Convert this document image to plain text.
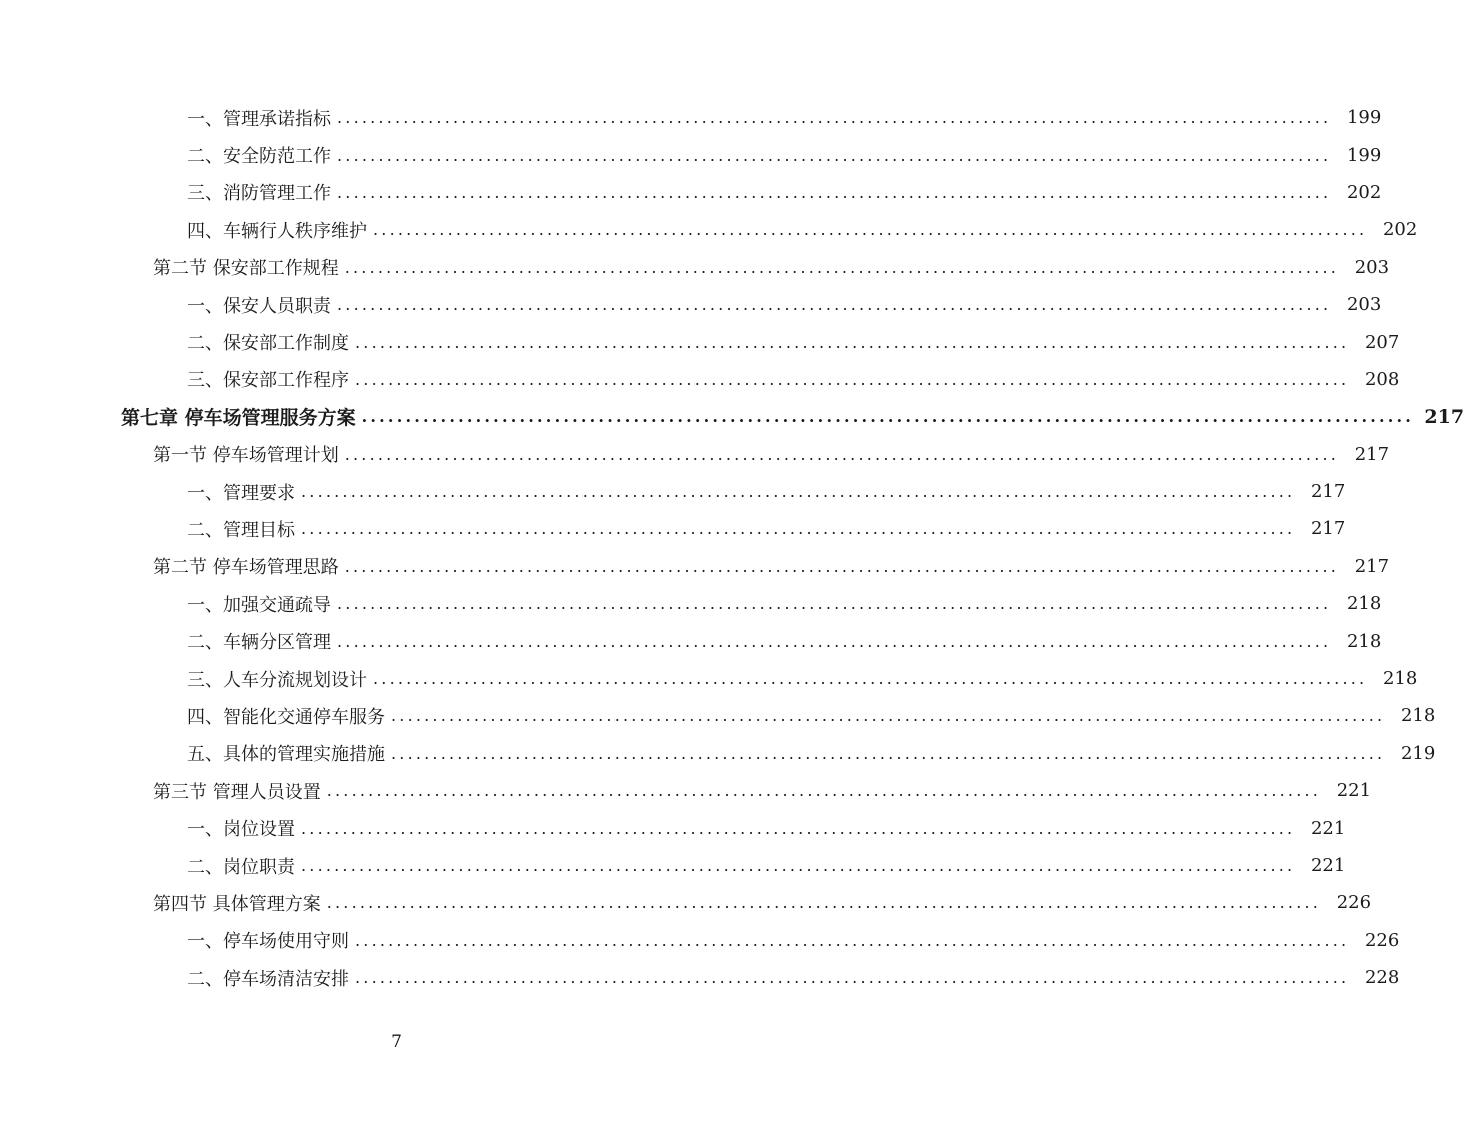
一、管理承诺指标 ........................................................................................................................ 199
二、安全防范工作 ........................................................................................................................ 199
三、消防管理工作 ........................................................................................................................ 202
四、车辆行人秩序维护 ........................................................................................................................ 202
第二节 保安部工作规程 ........................................................................................................................ 203
一、保安人员职责 ........................................................................................................................ 203
二、保安部工作制度 ........................................................................................................................ 207
三、保安部工作程序 ........................................................................................................................ 208
第七章 停车场管理服务方案 ........................................................................................................................ 217
第一节 停车场管理计划 ........................................................................................................................ 217
一、管理要求 ........................................................................................................................ 217
二、管理目标 ........................................................................................................................ 217
第二节 停车场管理思路 ........................................................................................................................ 217
一、加强交通疏导 ........................................................................................................................ 218
二、车辆分区管理 ........................................................................................................................ 218
三、人车分流规划设计 ........................................................................................................................ 218
四、智能化交通停车服务 ........................................................................................................................ 218
五、具体的管理实施措施 ........................................................................................................................ 219
第三节 管理人员设置 ........................................................................................................................ 221
一、岗位设置 ........................................................................................................................ 221
二、岗位职责 ........................................................................................................................ 221
第四节 具体管理方案 ........................................................................................................................ 226
一、停车场使用守则 ........................................................................................................................ 226
二、停车场清洁安排 ........................................................................................................................ 228
7
